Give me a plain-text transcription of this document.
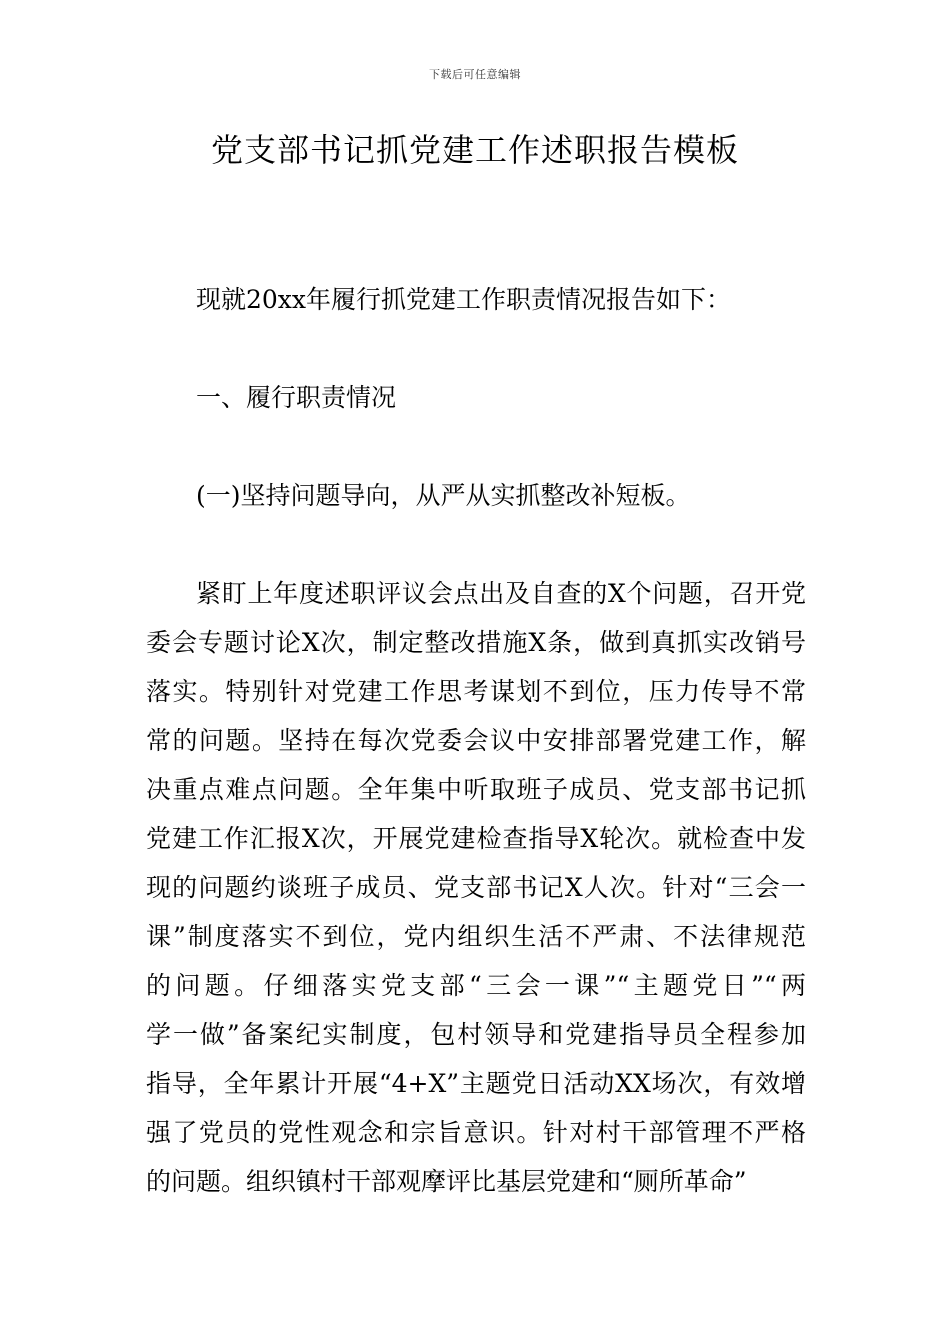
下载后可任意编辑
党支部书记抓党建工作述职报告模板

现就20xx年履行抓党建工作职责情况报告如下：

一、履行职责情况

(一)坚持问题导向，从严从实抓整改补短板。

紧盯上年度述职评议会点出及自查的X个问题，召开党
委会专题讨论X次，制定整改措施X条，做到真抓实改销号
落实。特别针对党建工作思考谋划不到位，压力传导不常
常的问题。坚持在每次党委会议中安排部署党建工作，解
决重点难点问题。全年集中听取班子成员、党支部书记抓
党建工作汇报X次，开展党建检查指导X轮次。就检查中发
现的问题约谈班子成员、党支部书记X人次。针对“三会一
课”制度落实不到位，党内组织生活不严肃、不法律规范
的问题。仔细落实党支部“三会一课”“主题党日”“两
学一做”备案纪实制度，包村领导和党建指导员全程参加
指导，全年累计开展“4+X”主题党日活动XX场次，有效增
强了党员的党性观念和宗旨意识。针对村干部管理不严格
的问题。组织镇村干部观摩评比基层党建和“厕所革命”
